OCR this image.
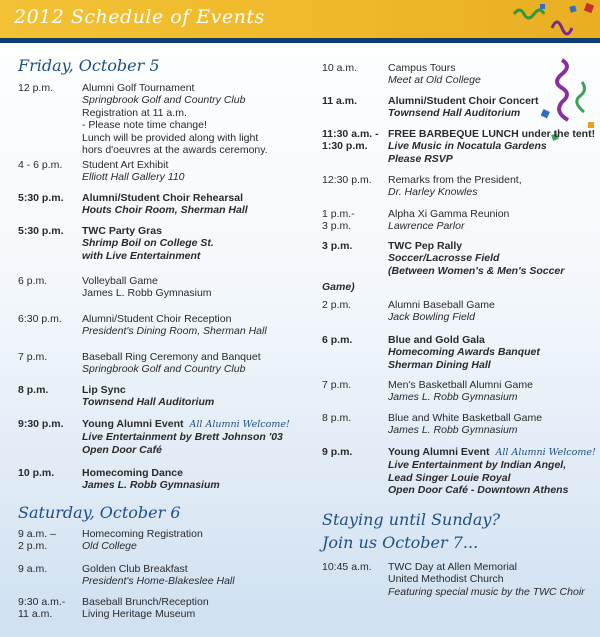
2012 Schedule of Events
Friday, October 5
12 p.m.	Alumni Golf Tournament
Springbrook Golf and Country Club
Registration at 11 a.m.
- Please note time change!
Lunch will be provided along with light
hors d'oeuvres at the awards ceremony.
4 - 6 p.m. Student Art Exhibit
Elliott Hall Gallery 110
5:30 p.m. Alumni/Student Choir Rehearsal
Houts Choir Room, Sherman Hall
5:30 p.m. TWC Party Gras
Shrimp Boil on College St.
with Live Entertainment
6 p.m.	Volleyball Game
James L. Robb Gymnasium
6:30 p.m. Alumni/Student Choir Reception
President's Dining Room, Sherman Hall
7 p.m.	Baseball Ring Ceremony and Banquet
Springbrook Golf and Country Club
8 p.m.	Lip Sync
Townsend Hall Auditorium
9:30 p.m. Young Alumni Event All Alumni Welcome!
Live Entertainment by Brett Johnson '03
Open Door Café
10 p.m.	Homecoming Dance
James L. Robb Gymnasium
Saturday, October 6
9 a.m. –
2 p.m.
Homecoming Registration
Old College
9 a.m.	Golden Club Breakfast
President's Home-Blakeslee Hall
9:30 a.m.-
11 a.m.
Baseball Brunch/Reception
Living Heritage Museum
10 a.m.	Campus Tours
Meet at Old College
11 a.m.	Alumni/Student Choir Concert
Townsend Hall Auditorium
11:30 a.m. -
1:30 p.m.
FREE BARBEQUE LUNCH under the tent!
Live Music in Nocatula Gardens
Please RSVP
12:30 p.m. Remarks from the President,
Dr. Harley Knowles
1 p.m.-
3 p.m.
Alpha Xi Gamma Reunion
Lawrence Parlor
3 p.m.	TWC Pep Rally
Soccer/Lacrosse Field
(Between Women's & Men's Soccer
Game)
2 p.m.	Alumni Baseball Game
Jack Bowling Field
6 p.m.	Blue and Gold Gala
Homecoming Awards Banquet
Sherman Dining Hall
7 p.m.	Men's Basketball Alumni Game
James L. Robb Gymnasium
8 p.m.	Blue and White Basketball Game
James L. Robb Gymnasium
9 p.m.	Young Alumni Event All Alumni Welcome!
Live Entertainment by Indian Angel,
Lead Singer Louie Royal
Open Door Café - Downtown Athens
Staying until Sunday?
Join us October 7...
10:45 a.m. TWC Day at Allen Memorial
United Methodist Church
Featuring special music by the TWC Choir
